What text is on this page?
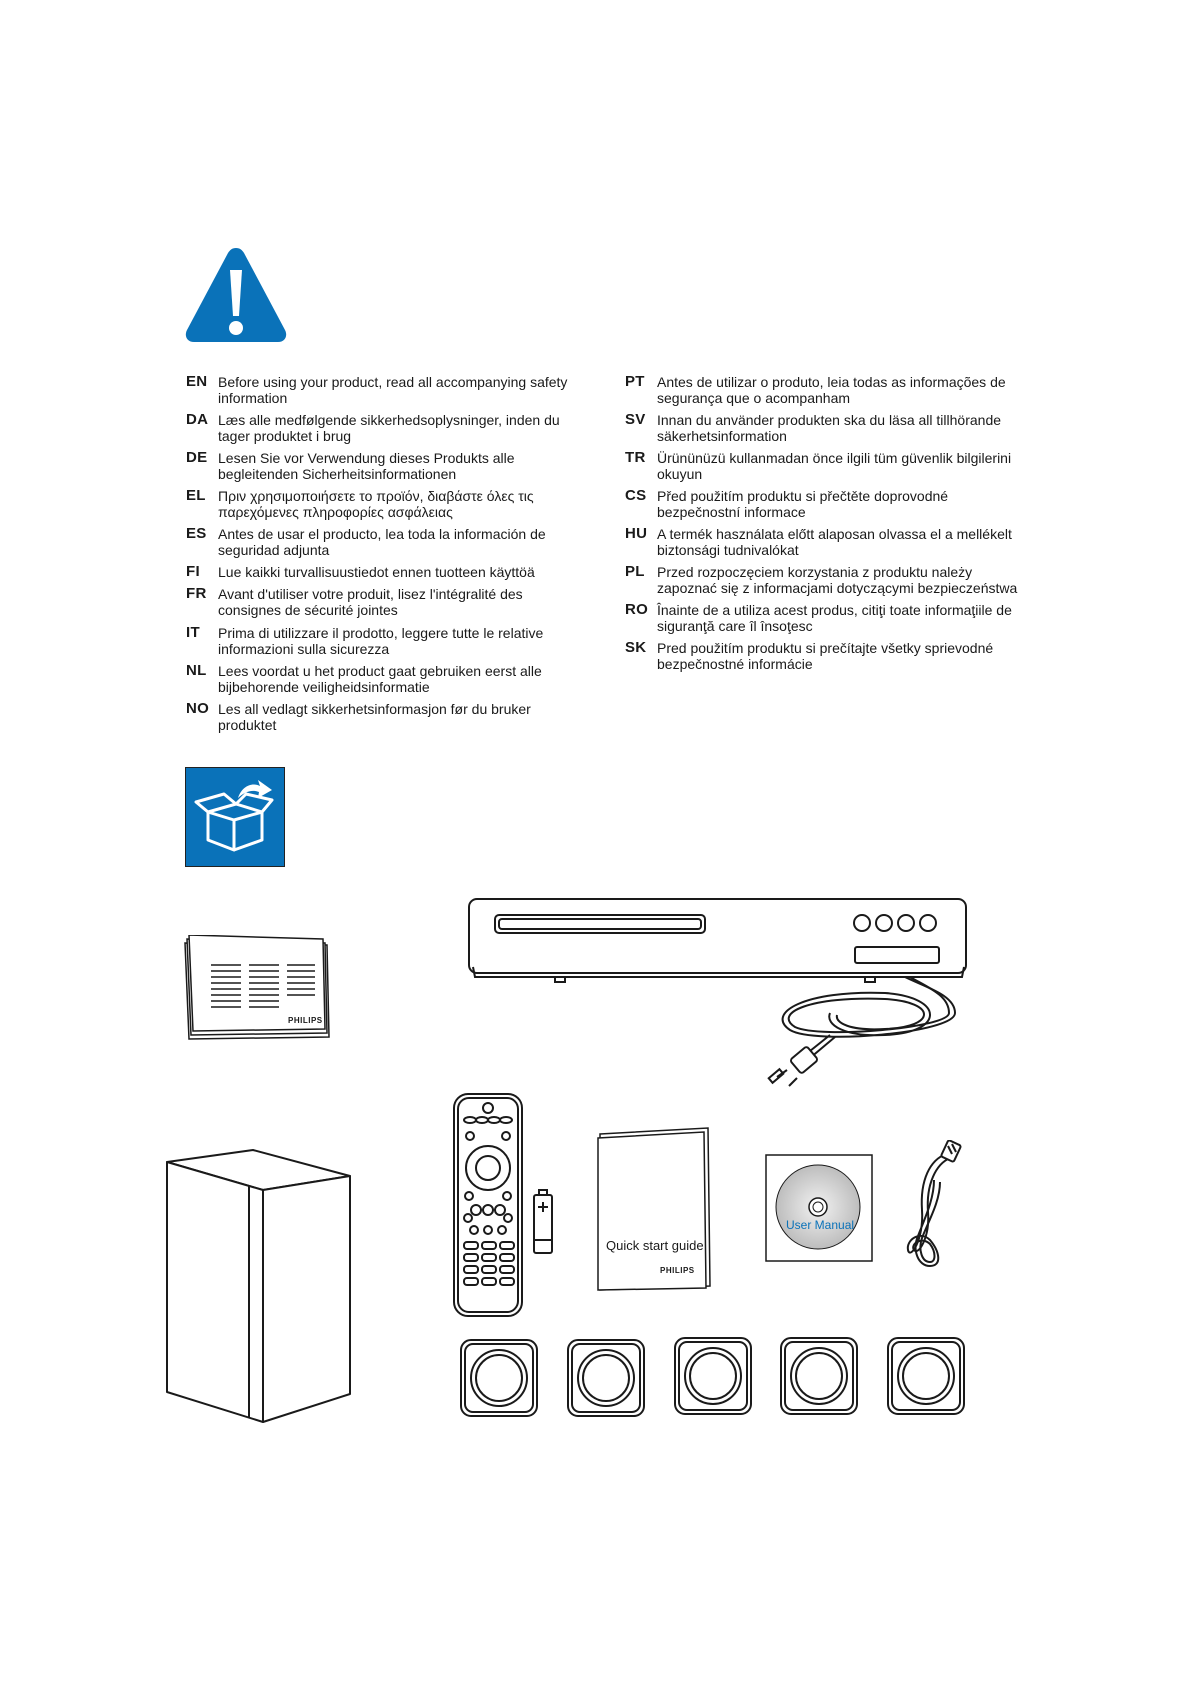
EN Before using your product, read all accompanying safety information
DA Læs alle medfølgende sikkerhedsoplysninger, inden du tager produktet i brug
DE Lesen Sie vor Verwendung dieses Produkts alle begleitenden Sicherheitsinformationen
EL Πριν χρησιμοποιήσετε το προϊόν, διαβάστε όλες τις παρεχόμενες πληροφορίες ασφάλειας
ES Antes de usar el producto, lea toda la información de seguridad adjunta
FI	Lue kaikki turvallisuustiedot ennen tuotteen käyttöä
FR Avant d'utiliser votre produit, lisez l'intégralité des consignes de sécurité jointes
IT	Prima di utilizzare il prodotto, leggere tutte le relative informazioni sulla sicurezza
NL Lees voordat u het product gaat gebruiken eerst alle bijbehorende veiligheidsinformatie
NO Les all vedlagt sikkerhetsinformasjon før du bruker produktet
PT Antes de utilizar o produto, leia todas as informações de segurança que o acompanham
SV Innan du använder produkten ska du läsa all tillhörande säkerhetsinformation
TR Ürününüzü kullanmadan önce ilgili tüm güvenlik bilgilerini okuyun
CS Před použitím produktu si přečtěte doprovodné bezpečnostní informace
HU A termék használata előtt alaposan olvassa el a mellékelt biztonsági tudnivalókat
PL Przed rozpoczęciem korzystania z produktu należy zapoznać się z informacjami dotyczącymi bezpieczeństwa
RO Înainte de a utiliza acest produs, citiţi toate informaţiile de siguranţă care îl însoţesc
SK Pred použitím produktu si prečítajte všetky sprievodné bezpečnostné informácie
PHILIPS
Quick start guide
PHILIPS
User Manual
